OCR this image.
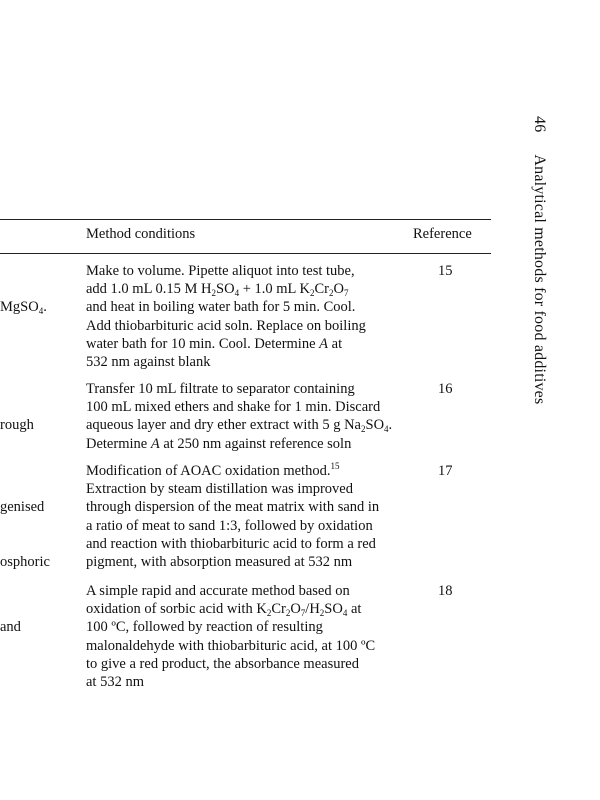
46Analytical methods for food additives
Method conditions	Reference

MgSO$_4$.

Make to volume. Pipette aliquot into test tube,
add 1.0 mL 0.15 M $H_2SO_4 + 1.0$ mL $K_2Cr_2O_7$
and heat in boiling water bath for 5 min. Cool.
Add thiobarbituric acid soln. Replace on boiling
water bath for 10 min. Cool. Determine A at
532 nm against blank
15

rough

Transfer 10 mL filtrate to separator containing
100 mL mixed ethers and shake for 1 min. Discard
aqueous layer and dry ether extract with 5 g $Na_2SO_4$.
Determine A at 250 nm against reference soln
16

genised

osphoric

Modification of AOAC oxidation method.$^{15}$
Extraction by steam distillation was improved
through dispersion of the meat matrix with sand in
a ratio of meat to sand 1:3, followed by oxidation
and reaction with thiobarbituric acid to form a red
pigment, with absorption measured at 532 nm
17

and

A simple rapid and accurate method based on
oxidation of sorbic acid with $K_2Cr_2O_7/H_2SO_4$ at
100 ºC, followed by reaction of resulting
malonaldehyde with thiobarbituric acid, at 100 ºC
to give a red product, the absorbance measured
at 532 nm
18
